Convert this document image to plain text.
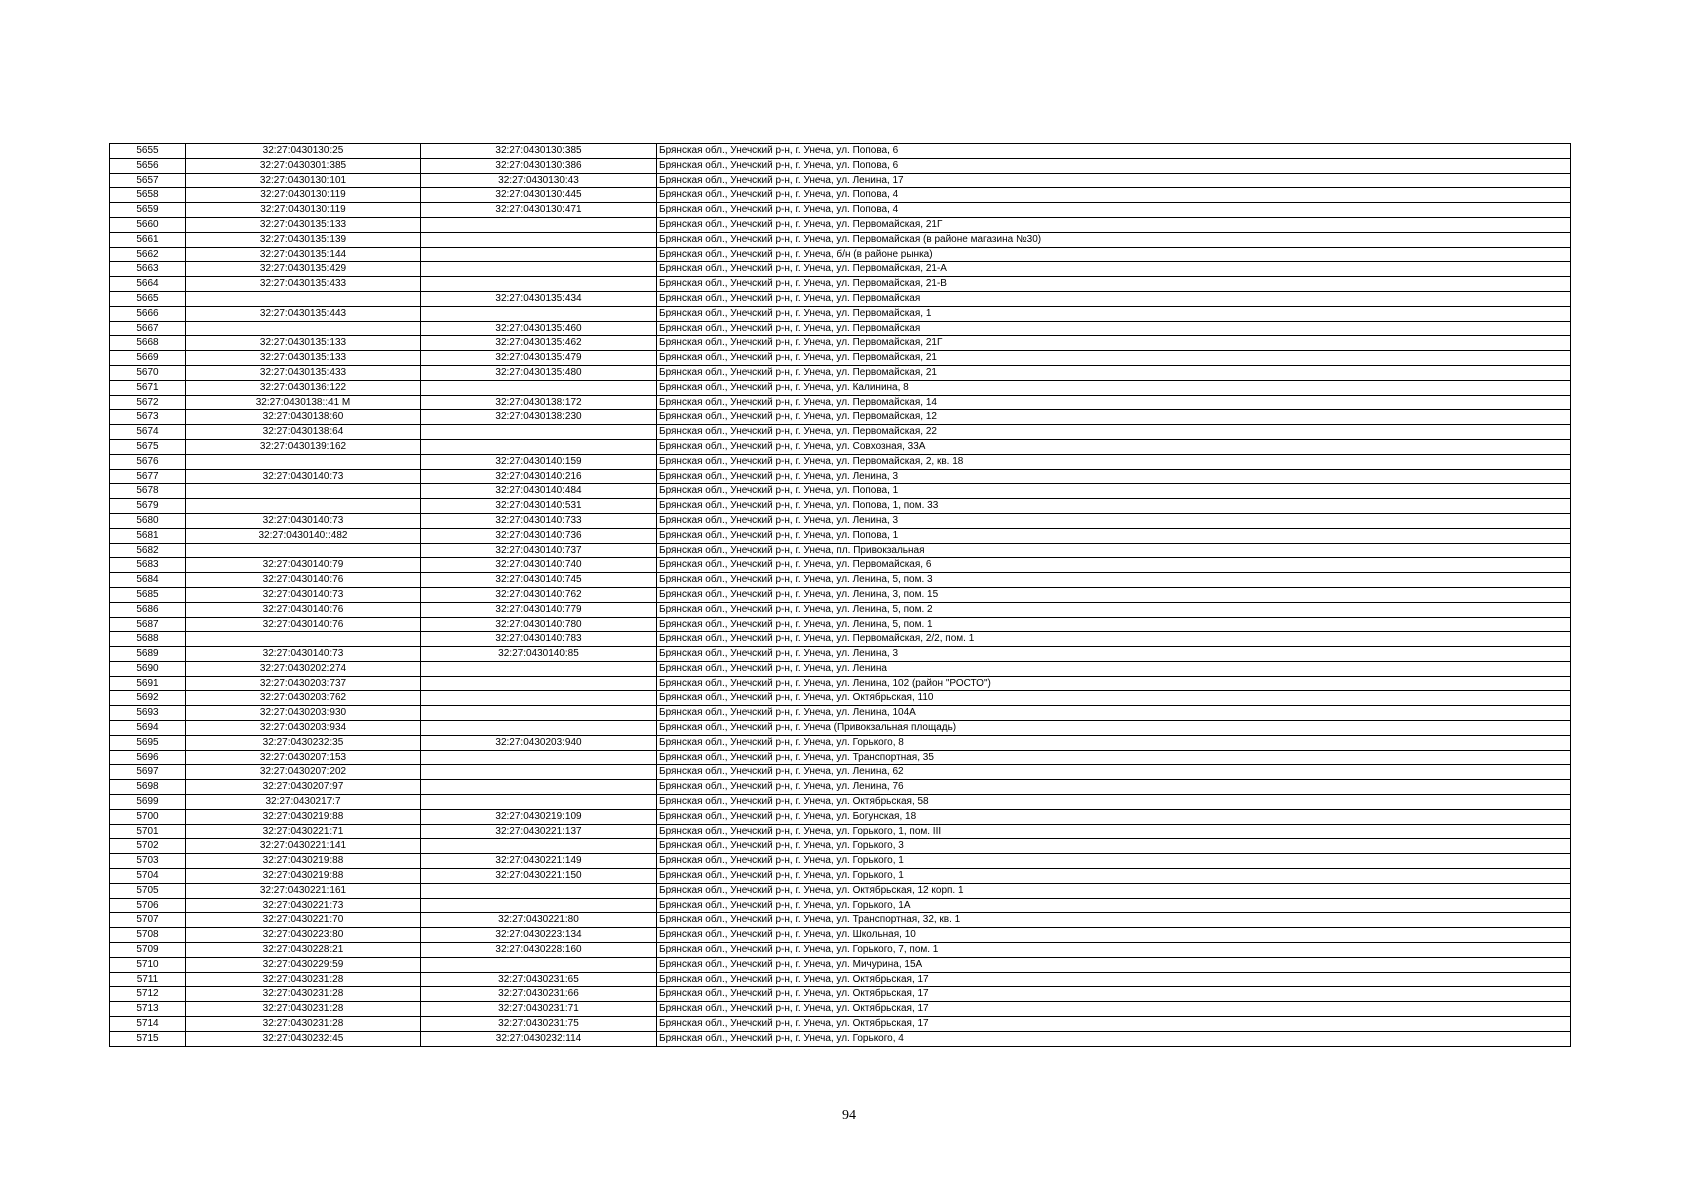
5655	32:27:0430130:25	32:27:0430130:385	Брянская обл., Унечский р-н, г. Унеча, ул. Попова, 6
5656	32:27:0430301:385	32:27:0430130:386	Брянская обл., Унечский р-н, г. Унеча, ул. Попова, 6
5657	32:27:0430130:101	32:27:0430130:43	Брянская обл., Унечский р-н, г. Унеча, ул. Ленина, 17
5658	32:27:0430130:119	32:27:0430130:445	Брянская обл., Унечский р-н, г. Унеча, ул. Попова, 4
5659	32:27:0430130:119	32:27:0430130:471	Брянская обл., Унечский р-н, г. Унеча, ул. Попова, 4
5660	32:27:0430135:133		Брянская обл., Унечский р-н, г. Унеча, ул. Первомайская, 21Г
5661	32:27:0430135:139		Брянская обл., Унечский р-н, г. Унеча, ул. Первомайская (в районе магазина №30)
5662	32:27:0430135:144		Брянская обл., Унечский р-н, г. Унеча, б/н (в районе рынка)
5663	32:27:0430135:429		Брянская обл., Унечский р-н, г. Унеча, ул. Первомайская, 21-А
5664	32:27:0430135:433		Брянская обл., Унечский р-н, г. Унеча, ул. Первомайская, 21-В
5665		32:27:0430135:434	Брянская обл., Унечский р-н, г. Унеча, ул. Первомайская
5666	32:27:0430135:443		Брянская обл., Унечский р-н, г. Унеча, ул. Первомайская, 1
5667		32:27:0430135:460	Брянская обл., Унечский р-н, г. Унеча, ул. Первомайская
5668	32:27:0430135:133	32:27:0430135:462	Брянская обл., Унечский р-н, г. Унеча, ул. Первомайская, 21Г
5669	32:27:0430135:133	32:27:0430135:479	Брянская обл., Унечский р-н, г. Унеча, ул. Первомайская, 21
5670	32:27:0430135:433	32:27:0430135:480	Брянская обл., Унечский р-н, г. Унеча, ул. Первомайская, 21
5671	32:27:0430136:122		Брянская обл., Унечский р-н, г. Унеча, ул. Калинина, 8
5672	32:27:0430138::41 М	32:27:0430138:172	Брянская обл., Унечский р-н, г. Унеча, ул. Первомайская, 14
5673	32:27:0430138:60	32:27:0430138:230	Брянская обл., Унечский р-н, г. Унеча, ул. Первомайская, 12
5674	32:27:0430138:64		Брянская обл., Унечский р-н, г. Унеча, ул. Первомайская, 22
5675	32:27:0430139:162		Брянская обл., Унечский р-н, г. Унеча, ул. Совхозная, 33А
5676		32:27:0430140:159	Брянская обл., Унечский р-н, г. Унеча, ул. Первомайская, 2, кв. 18
5677	32:27:0430140:73	32:27:0430140:216	Брянская обл., Унечский р-н, г. Унеча, ул. Ленина, 3
5678		32:27:0430140:484	Брянская обл., Унечский р-н, г. Унеча, ул. Попова, 1
5679		32:27:0430140:531	Брянская обл., Унечский р-н, г. Унеча, ул. Попова, 1, пом. 33
5680	32:27:0430140:73	32:27:0430140:733	Брянская обл., Унечский р-н, г. Унеча, ул. Ленина, 3
5681	32:27:0430140::482	32:27:0430140:736	Брянская обл., Унечский р-н, г. Унеча, ул. Попова, 1
5682		32:27:0430140:737	Брянская обл., Унечский р-н, г. Унеча, пл. Привокзальная
5683	32:27:0430140:79	32:27:0430140:740	Брянская обл., Унечский р-н, г. Унеча, ул. Первомайская, 6
5684	32:27:0430140:76	32:27:0430140:745	Брянская обл., Унечский р-н, г. Унеча, ул. Ленина, 5, пом. 3
5685	32:27:0430140:73	32:27:0430140:762	Брянская обл., Унечский р-н, г. Унеча, ул. Ленина, 3, пом. 15
5686	32:27:0430140:76	32:27:0430140:779	Брянская обл., Унечский р-н, г. Унеча, ул. Ленина, 5, пом. 2
5687	32:27:0430140:76	32:27:0430140:780	Брянская обл., Унечский р-н, г. Унеча, ул. Ленина, 5, пом. 1
5688		32:27:0430140:783	Брянская обл., Унечский р-н, г. Унеча, ул. Первомайская, 2/2, пом. 1
5689	32:27:0430140:73	32:27:0430140:85	Брянская обл., Унечский р-н, г. Унеча, ул. Ленина, 3
5690	32:27:0430202:274		Брянская обл., Унечский р-н, г. Унеча, ул. Ленина
5691	32:27:0430203:737		Брянская обл., Унечский р-н, г. Унеча, ул. Ленина, 102 (район "РОСТО")
5692	32:27:0430203:762		Брянская обл., Унечский р-н, г. Унеча, ул. Октябрьская, 110
5693	32:27:0430203:930		Брянская обл., Унечский р-н, г. Унеча, ул. Ленина, 104А
5694	32:27:0430203:934		Брянская обл., Унечский р-н, г. Унеча (Привокзальная площадь)
5695	32:27:0430232:35	32:27:0430203:940	Брянская обл., Унечский р-н, г. Унеча, ул. Горького, 8
5696	32:27:0430207:153		Брянская обл., Унечский р-н, г. Унеча, ул. Транспортная, 35
5697	32:27:0430207:202		Брянская обл., Унечский р-н, г. Унеча, ул. Ленина, 62
5698	32:27:0430207:97		Брянская обл., Унечский р-н, г. Унеча, ул. Ленина, 76
5699	32:27:0430217:7		Брянская обл., Унечский р-н, г. Унеча, ул. Октябрьская, 58
5700	32:27:0430219:88	32:27:0430219:109	Брянская обл., Унечский р-н, г. Унеча, ул. Богунская, 18
5701	32:27:0430221:71	32:27:0430221:137	Брянская обл., Унечский р-н, г. Унеча, ул. Горького, 1, пом. III
5702	32:27:0430221:141		Брянская обл., Унечский р-н, г. Унеча, ул. Горького, 3
5703	32:27:0430219:88	32:27:0430221:149	Брянская обл., Унечский р-н, г. Унеча, ул. Горького, 1
5704	32:27:0430219:88	32:27:0430221:150	Брянская обл., Унечский р-н, г. Унеча, ул. Горького, 1
5705	32:27:0430221:161		Брянская обл., Унечский р-н, г. Унеча, ул. Октябрьская, 12 корп. 1
5706	32:27:0430221:73		Брянская обл., Унечский р-н, г. Унеча, ул. Горького, 1А
5707	32:27:0430221:70	32:27:0430221:80	Брянская обл., Унечский р-н, г. Унеча, ул. Транспортная, 32, кв. 1
5708	32:27:0430223:80	32:27:0430223:134	Брянская обл., Унечский р-н, г. Унеча, ул. Школьная, 10
5709	32:27:0430228:21	32:27:0430228:160	Брянская обл., Унечский р-н, г. Унеча, ул. Горького, 7, пом. 1
5710	32:27:0430229:59		Брянская обл., Унечский р-н, г. Унеча, ул. Мичурина, 15А
5711	32:27:0430231:28	32:27:0430231:65	Брянская обл., Унечский р-н, г. Унеча, ул. Октябрьская, 17
5712	32:27:0430231:28	32:27:0430231:66	Брянская обл., Унечский р-н, г. Унеча, ул. Октябрьская, 17
5713	32:27:0430231:28	32:27:0430231:71	Брянская обл., Унечский р-н, г. Унеча, ул. Октябрьская, 17
5714	32:27:0430231:28	32:27:0430231:75	Брянская обл., Унечский р-н, г. Унеча, ул. Октябрьская, 17
5715	32:27:0430232:45	32:27:0430232:114	Брянская обл., Унечский р-н, г. Унеча, ул. Горького, 4
94
